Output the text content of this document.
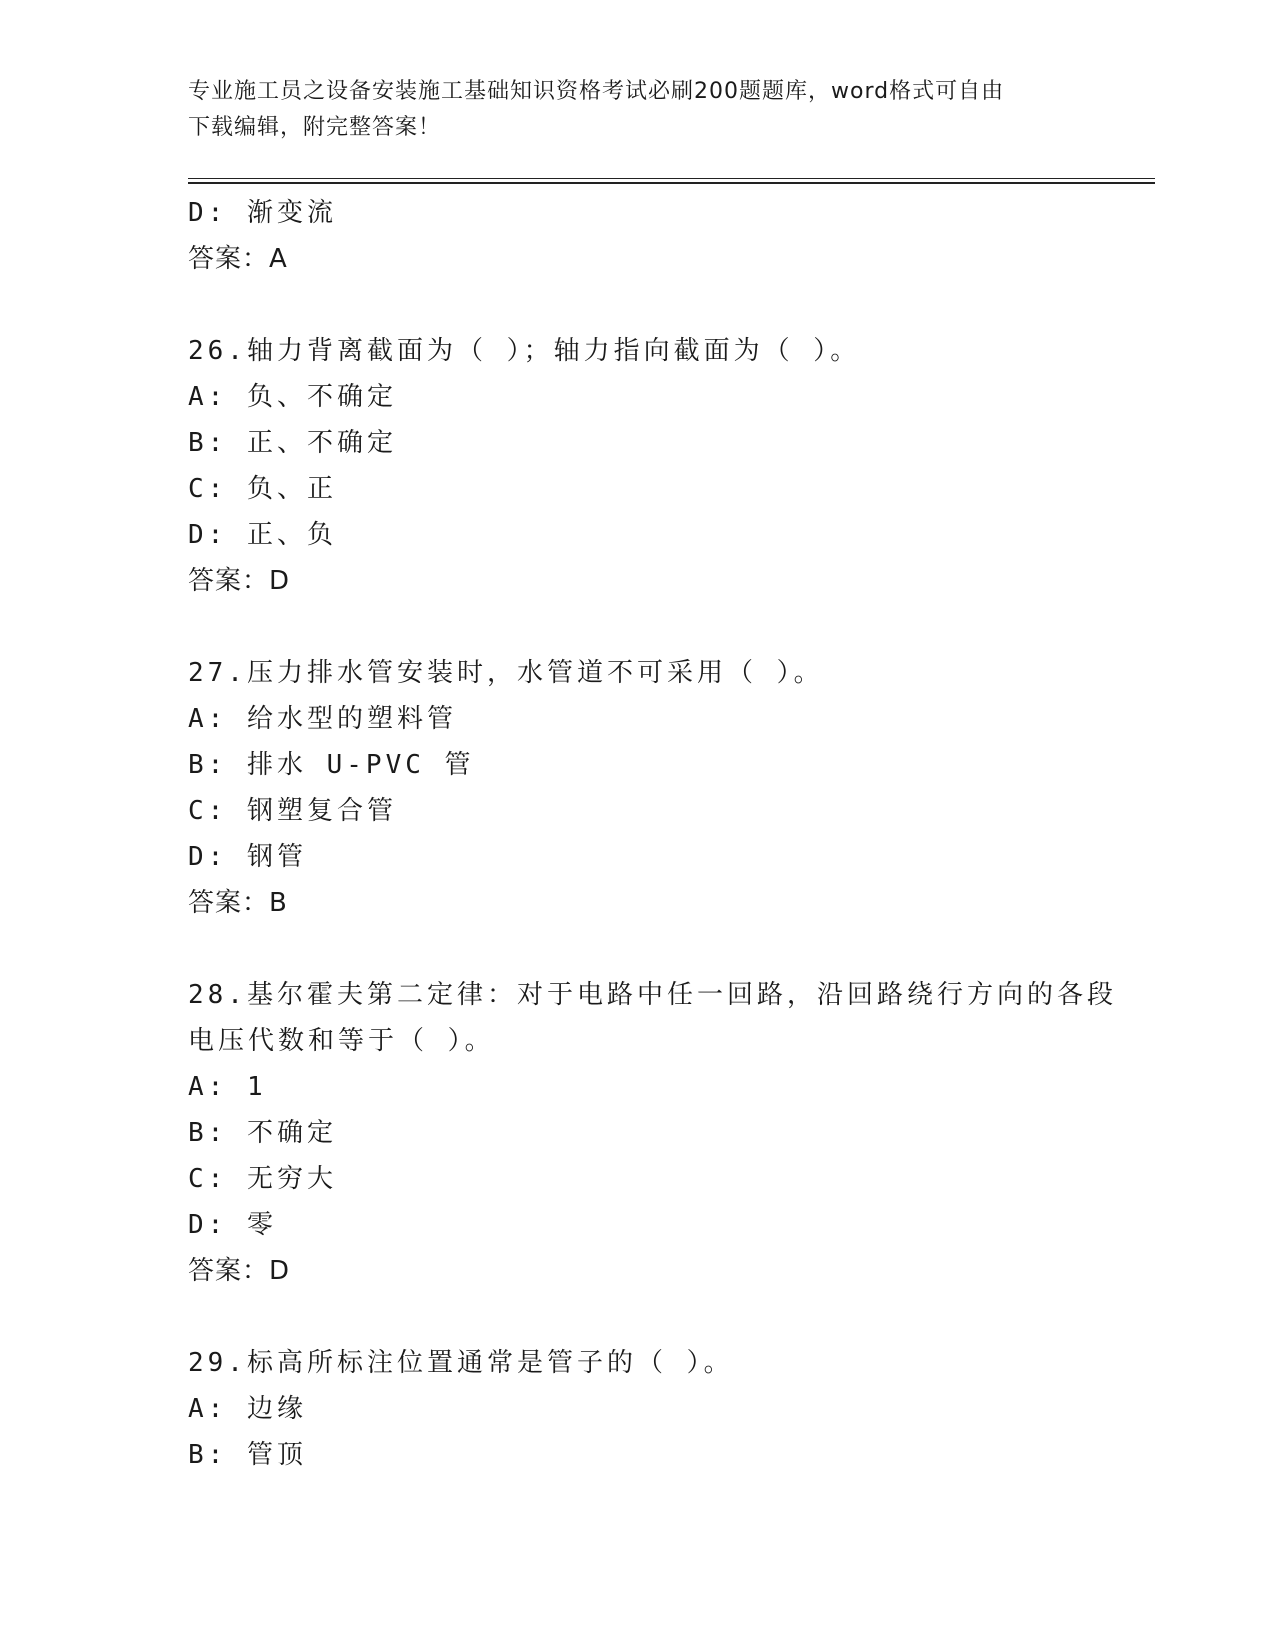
专业施工员之设备安装施工基础知识资格考试必刷200题题库，word格式可自由
下载编辑，附完整答案！
D: 渐变流
答案：A
26.轴力背离截面为（ ）；轴力指向截面为（ ）。
A: 负、不确定
B: 正、不确定
C: 负、正
D: 正、负
答案：D
27.压力排水管安装时，水管道不可采用（ ）。
A: 给水型的塑料管
B: 排水 U-PVC 管
C: 钢塑复合管
D: 钢管
答案：B
28.基尔霍夫第二定律：对于电路中任一回路，沿回路绕行方向的各段
电压代数和等于（ ）。
A: 1
B: 不确定
C: 无穷大
D: 零
答案：D
29.标高所标注位置通常是管子的（ ）。
A: 边缘
B: 管顶
